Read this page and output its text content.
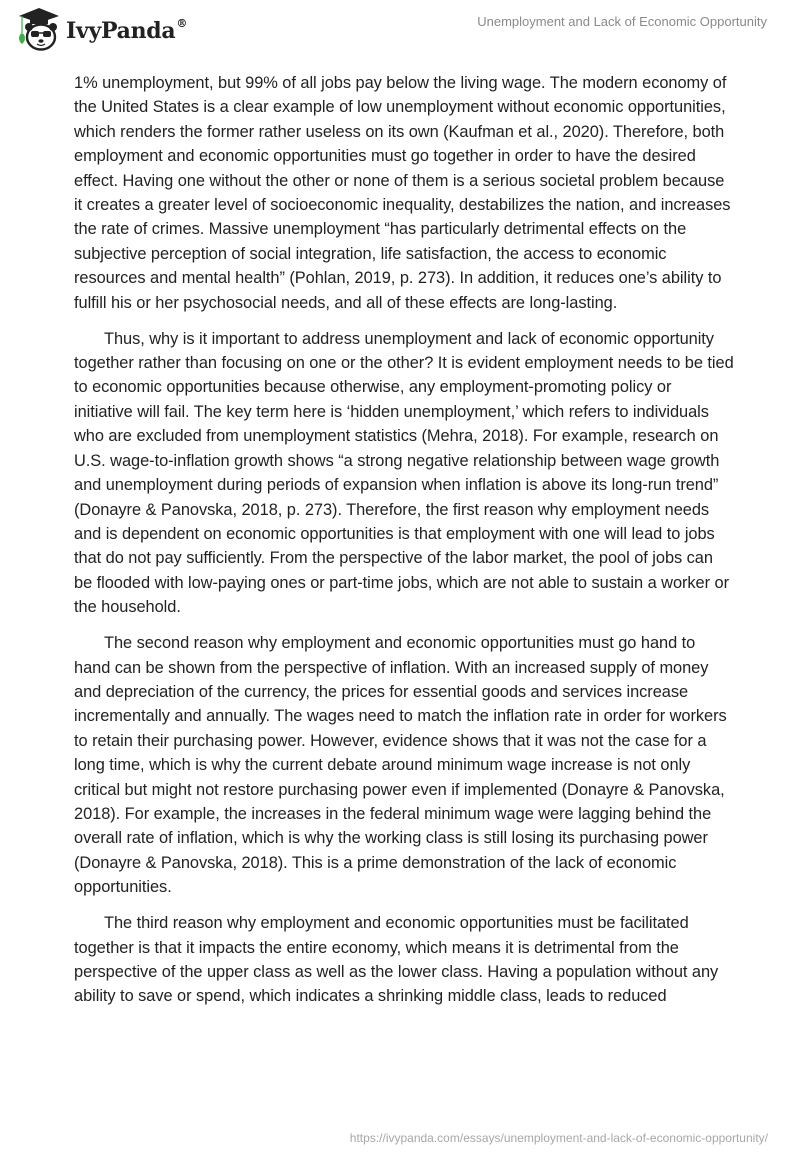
IvyPanda®	Unemployment and Lack of Economic Opportunity

1% unemployment, but 99% of all jobs pay below the living wage. The modern economy of the United States is a clear example of low unemployment without economic opportunities, which renders the former rather useless on its own (Kaufman et al., 2020). Therefore, both employment and economic opportunities must go together in order to have the desired effect. Having one without the other or none of them is a serious societal problem because it creates a greater level of socioeconomic inequality, destabilizes the nation, and increases the rate of crimes. Massive unemployment “has particularly detrimental effects on the subjective perception of social integration, life satisfaction, the access to economic resources and mental health” (Pohlan, 2019, p. 273). In addition, it reduces one’s ability to fulfill his or her psychosocial needs, and all of these effects are long-lasting.

Thus, why is it important to address unemployment and lack of economic opportunity together rather than focusing on one or the other? It is evident employment needs to be tied to economic opportunities because otherwise, any employment-promoting policy or initiative will fail. The key term here is ‘hidden unemployment,’ which refers to individuals who are excluded from unemployment statistics (Mehra, 2018). For example, research on U.S. wage-to-inflation growth shows “a strong negative relationship between wage growth and unemployment during periods of expansion when inflation is above its long-run trend” (Donayre & Panovska, 2018, p. 273). Therefore, the first reason why employment needs and is dependent on economic opportunities is that employment with one will lead to jobs that do not pay sufficiently. From the perspective of the labor market, the pool of jobs can be flooded with low-paying ones or part-time jobs, which are not able to sustain a worker or the household.

The second reason why employment and economic opportunities must go hand to hand can be shown from the perspective of inflation. With an increased supply of money and depreciation of the currency, the prices for essential goods and services increase incrementally and annually. The wages need to match the inflation rate in order for workers to retain their purchasing power. However, evidence shows that it was not the case for a long time, which is why the current debate around minimum wage increase is not only critical but might not restore purchasing power even if implemented (Donayre & Panovska, 2018). For example, the increases in the federal minimum wage were lagging behind the overall rate of inflation, which is why the working class is still losing its purchasing power (Donayre & Panovska, 2018). This is a prime demonstration of the lack of economic opportunities.

The third reason why employment and economic opportunities must be facilitated together is that it impacts the entire economy, which means it is detrimental from the perspective of the upper class as well as the lower class. Having a population without any ability to save or spend, which indicates a shrinking middle class, leads to reduced

https://ivypanda.com/essays/unemployment-and-lack-of-economic-opportunity/
